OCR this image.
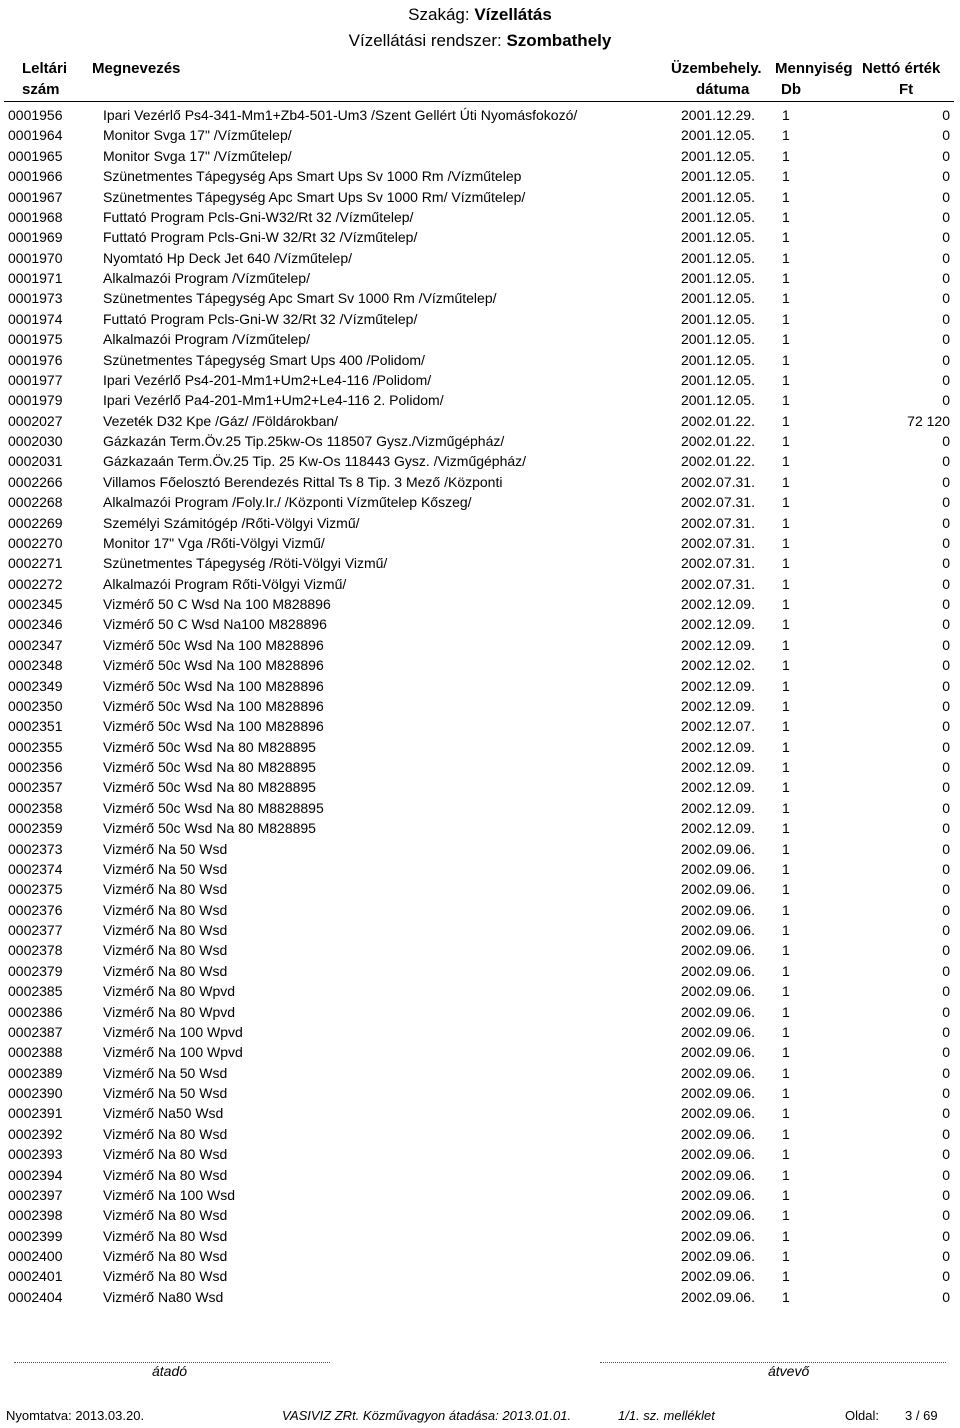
Szakág: Vízellátás
Vízellátási rendszer: Szombathely
Leltári
szám
Megnevezés	Üzembehely.
dátuma
Mennyiség
Db
Nettó érték
Ft
0001956	Ipari Vezérlő Ps4-341-Mm1+Zb4-501-Um3 /Szent Gellért Úti Nyomásfokozó/	2001.12.29. 1	0
0001964	Monitor Svga 17" /Vízműtelep/	2001.12.05. 1	0
0001965	Monitor Svga 17" /Vízműtelep/	2001.12.05. 1	0
0001966	Szünetmentes Tápegység Aps Smart Ups Sv 1000 Rm /Vízműtelep	2001.12.05. 1	0
0001967	Szünetmentes Tápegység Apc Smart Ups Sv 1000 Rm/ Vízműtelep/	2001.12.05. 1	0
0001968	Futtató Program Pcls-Gni-W32/Rt 32 /Vízműtelep/	2001.12.05. 1	0
0001969	Futtató Program Pcls-Gni-W 32/Rt 32 /Vízműtelep/	2001.12.05. 1	0
0001970	Nyomtató Hp Deck Jet 640 /Vízműtelep/	2001.12.05. 1	0
0001971	Alkalmazói Program /Vízműtelep/	2001.12.05. 1	0
0001973	Szünetmentes Tápegység Apc Smart Sv 1000 Rm /Vízműtelep/	2001.12.05. 1	0
0001974	Futtató Program Pcls-Gni-W 32/Rt 32 /Vízműtelep/	2001.12.05. 1	0
0001975	Alkalmazói Program /Vízműtelep/	2001.12.05. 1	0
0001976	Szünetmentes Tápegység Smart Ups 400 /Polidom/	2001.12.05. 1	0
0001977	Ipari Vezérlő Ps4-201-Mm1+Um2+Le4-116 /Polidom/	2001.12.05. 1	0
0001979	Ipari Vezérlő Pa4-201-Mm1+Um2+Le4-116 2. Polidom/	2001.12.05. 1	0
0002027	Vezeték D32 Kpe /Gáz/ /Földárokban/	2002.01.22. 1	72 120
0002030	Gázkazán Term.Öv.25 Tip.25kw-Os 118507 Gysz./Vizműgépház/	2002.01.22. 1	0
0002031	Gázkazaán Term.Öv.25 Tip. 25 Kw-Os 118443 Gysz. /Vizműgépház/	2002.01.22. 1	0
0002266	Villamos Főelosztó Berendezés Rittal Ts 8 Tip. 3 Mező /Központi	2002.07.31. 1	0
0002268	Alkalmazói Program /Foly.Ir./ /Központi Vízműtelep Kőszeg/	2002.07.31. 1	0
0002269	Személyi Számitógép /Rőti-Völgyi Vizmű/	2002.07.31. 1	0
0002270	Monitor 17" Vga /Rőti-Völgyi Vizmű/	2002.07.31. 1	0
0002271	Szünetmentes Tápegység /Röti-Völgyi Vizmű/	2002.07.31. 1	0
0002272	Alkalmazói Program Rőti-Völgyi Vizmű/	2002.07.31. 1	0
0002345	Vizmérő 50 C Wsd Na 100 M828896	2002.12.09. 1	0
0002346	Vizmérő 50 C Wsd Na100 M828896	2002.12.09. 1	0
0002347	Vizmérő 50c Wsd Na 100 M828896	2002.12.09. 1	0
0002348	Vizmérő 50c Wsd Na 100 M828896	2002.12.02. 1	0
0002349	Vizmérő 50c Wsd Na 100 M828896	2002.12.09. 1	0
0002350	Vizmérő 50c Wsd Na 100 M828896	2002.12.09. 1	0
0002351	Vizmérő 50c Wsd Na 100 M828896	2002.12.07. 1	0
0002355	Vizmérő 50c Wsd Na 80 M828895	2002.12.09. 1	0
0002356	Vizmérő 50c Wsd Na 80 M828895	2002.12.09. 1	0
0002357	Vizmérő 50c Wsd Na 80 M828895	2002.12.09. 1	0
0002358	Vizmérő 50c Wsd Na 80 M8828895	2002.12.09. 1	0
0002359	Vizmérő 50c Wsd Na 80 M828895	2002.12.09. 1	0
0002373	Vizmérő Na 50 Wsd	2002.09.06. 1	0
0002374	Vizmérő Na 50 Wsd	2002.09.06. 1	0
0002375	Vizmérő Na 80 Wsd	2002.09.06. 1	0
0002376	Vizmérő Na 80 Wsd	2002.09.06. 1	0
0002377	Vizmérő Na 80 Wsd	2002.09.06. 1	0
0002378	Vizmérő Na 80 Wsd	2002.09.06. 1	0
0002379	Vizmérő Na 80 Wsd	2002.09.06. 1	0
0002385	Vizmérő Na 80 Wpvd	2002.09.06. 1	0
0002386	Vizmérő Na 80 Wpvd	2002.09.06. 1	0
0002387	Vizmérő Na 100 Wpvd	2002.09.06. 1	0
0002388	Vizmérő Na 100 Wpvd	2002.09.06. 1	0
0002389	Vizmérő Na 50 Wsd	2002.09.06. 1	0
0002390	Vizmérő Na 50 Wsd	2002.09.06. 1	0
0002391	Vizmérő Na50 Wsd	2002.09.06. 1	0
0002392	Vizmérő Na 80 Wsd	2002.09.06. 1	0
0002393	Vizmérő Na 80 Wsd	2002.09.06. 1	0
0002394	Vizmérő Na 80 Wsd	2002.09.06. 1	0
0002397	Vizmérő Na 100 Wsd	2002.09.06. 1	0
0002398	Vizmérő Na 80 Wsd	2002.09.06. 1	0
0002399	Vizmérő Na 80 Wsd	2002.09.06. 1	0
0002400	Vizmérő Na 80 Wsd	2002.09.06. 1	0
0002401	Vizmérő Na 80 Wsd	2002.09.06. 1	0
0002404	Vizmérő Na80 Wsd	2002.09.06. 1	0
átadó	átvevő
Nyomtatva: 2013.03.20.	VASIVIZ ZRt. Közművagyon átadása: 2013.01.01.	1/1. sz. melléklet	Oldal: 3 / 69
